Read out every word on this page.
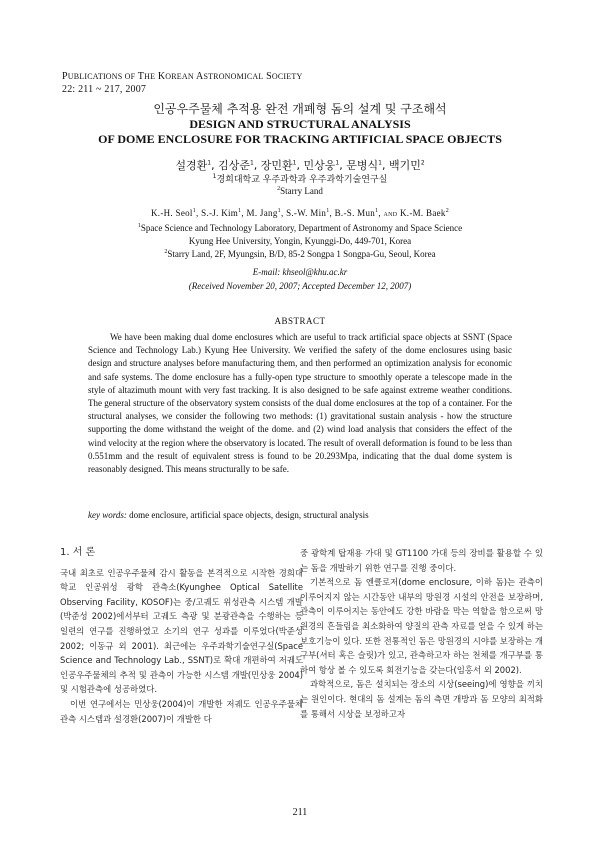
PUBLICATIONS OF THE KOREAN ASTRONOMICAL SOCIETY
22: 211 ~ 217, 2007
인공우주물체 추적용 완전 개폐형 돔의 설계 및 구조해석
DESIGN AND STRUCTURAL ANALYSIS
OF DOME ENCLOSURE FOR TRACKING ARTIFICIAL SPACE OBJECTS
설경환$^1$, 김상준$^1$, 장민환$^1$, 민상웅$^1$, 문병식$^1$, 백기민$^2$
$^1$경희대학교 우주과학과 우주과학기술연구실
$^2$Starry Land
K.-H. Seol$^1$, S.-J. Kim$^1$, M. Jang$^1$, S.-W. Min$^1$, B.-S. Mun$^1$, and K.-M. Baek$^2$
$^1$Space Science and Technology Laboratory, Department of Astronomy and Space Science
Kyung Hee University, Yongin, Kyunggi-Do, 449-701, Korea
$^2$Starry Land, 2F, Myungsin, B/D, 85-2 Songpa 1 Songpa-Gu, Seoul, Korea
E-mail: khseol@khu.ac.kr
(Received November 20, 2007; Accepted December 12, 2007)
ABSTRACT

We have been making dual dome enclosures which are useful to track artificial space objects at SSNT (Space Science and Technology Lab.) Kyung Hee University. We verified the safety of the dome enclosures using basic design and structure analyses before manufacturing them, and then performed an optimization analysis for economic and safe systems. The dome enclosure has a fully-open type structure to smoothly operate a telescope made in the style of altazimuth mount with very fast tracking. It is also designed to be safe against extreme weather conditions. The general structure of the observatory system consists of the dual dome enclosures at the top of a container. For the structural analyses, we consider the following two methods: (1) gravitational sustain analysis - how the structure supporting the dome withstand the weight of the dome. and (2) wind load analysis that considers the effect of the wind velocity at the region where the observatory is located. The result of overall deformation is found to be less than 0.551mm and the result of equivalent stress is found to be 20.293Mpa, indicating that the dual dome system is reasonably designed. This means structurally to be safe.

key words: dome enclosure, artificial space objects, design, structural analysis
1. 서 론

국내 최초로 인공우주물체 감시 활동을 본격적으로 시작한 경희대학교 인공위성 광학 관측소(Kyunghee Optical Satellite Observing Facility, KOSOF)는 중/고궤도 위성관측 시스템 개발(박준성 2002)에서부터 고궤도 측광 및 분광관측을 수행하는 등 일련의 연구를 진행하였고 소기의 연구 성과를 이루었다(박준성 2002; 이동규 외 2001). 최근에는 우주과학기술연구실(Space Science and Technology Lab., SSNT)로 확대 개편하여 저궤도 인공우주물체의 추적 및 관측이 가능한 시스템 개발(민상웅 2004) 및 시험관측에 성공하였다.

이번 연구에서는 민상웅(2004)이 개발한 저궤도 인공우주물체 관측 시스템과 설경환(2007)이 개발한 다

중 광학계 탑재용 가대 및 GT1100 가대 등의 장비를 활용할 수 있는 돔을 개발하기 위한 연구를 진행 중이다.

기본적으로 돔 엔클로저(dome enclosure, 이하 돔)는 관측이 이루어지지 않는 시간동안 내부의 망원경 시설의 안전을 보장하며, 관측이 이루어지는 동안에도 강한 바람을 막는 역할을 함으로써 망원경의 흔들림을 최소화하여 양질의 관측 자료를 얻을 수 있게 하는 보호기능이 있다. 또한 전통적인 돔은 망원경의 시야를 보장하는 개구부(셔터 혹은 슬릿)가 있고, 관측하고자 하는 천체를 개구부를 통하여 항상 볼 수 있도록 회전기능을 갖는다(임홍서 외 2002).

과학적으로, 돔은 설치되는 장소의 시상(seeing)에 영향을 끼치는 원인이다. 현대의 돔 설계는 돔의 측면 개방과 돔 모양의 최적화를 통해서 시상을 보정하고자

211
